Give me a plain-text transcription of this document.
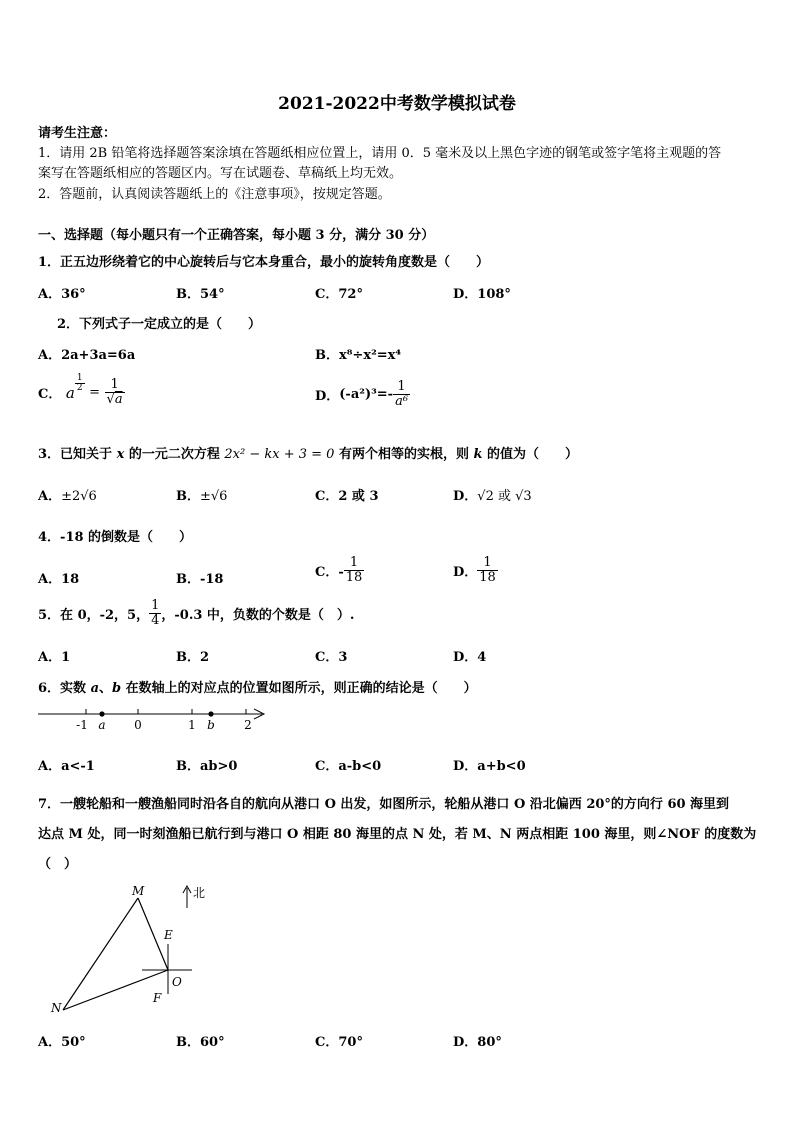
2021-2022中考数学模拟试卷
请考生注意：
1．请用 2B 铅笔将选择题答案涂填在答题纸相应位置上，请用 0．5 毫米及以上黑色字迹的钢笔或签字笔将主观题的答
案写在答题纸相应的答题区内。写在试题卷、草稿纸上均无效。
2．答题前，认真阅读答题纸上的《注意事项》，按规定答题。
一、选择题（每小题只有一个正确答案，每小题 3 分，满分 30 分）
1．正五边形绕着它的中心旋转后与它本身重合，最小的旋转角度数是（　　）
A．36°	B．54°	C．72°	D．108°
2．下列式子一定成立的是（　　）
A．2a+3a=6a	B．x⁸÷x²=x⁴
C． a $\frac{1}{2} = \frac{1}{√a}$	D．$(-a^2)^3=- \frac{1}{\text{a⁶}}$
3．已知关于 x 的一元二次方程 2x² − kx + 3 = 0 有两个相等的实根，则 k 的值为（　　）
A．±2√6	B．±√6	C．2 或 3	D．√2 或 √3
4．-18 的倒数是（　　）
A．18	B．-18	C．- $\frac{1}{18}$	D． $\frac{1}{18}$
5．在 0，-2，5， $\frac{1}{4}$ ，-0.3 中，负数的个数是（　）.
A．1	B．2	C．3	D．4
6．实数 a、b 在数轴上的对应点的位置如图所示，则正确的结论是（　　）
-1 a 0	1 b 2
A．a<-1	B．ab>0	C．a-b<0	D．a+b<0
7．一艘轮船和一艘渔船同时沿各自的航向从港口 O 出发，如图所示，轮船从港口 O 沿北偏西 20°的方向行 60 海里到
达点 M 处，同一时刻渔船已航行到与港口 O 相距 80 海里的点 N 处，若 M、N 两点相距 100 海里，则∠NOF 的度数为
（　）
北
M
N
E
F
O
A．50°	B．60°	C．70°	D．80°
